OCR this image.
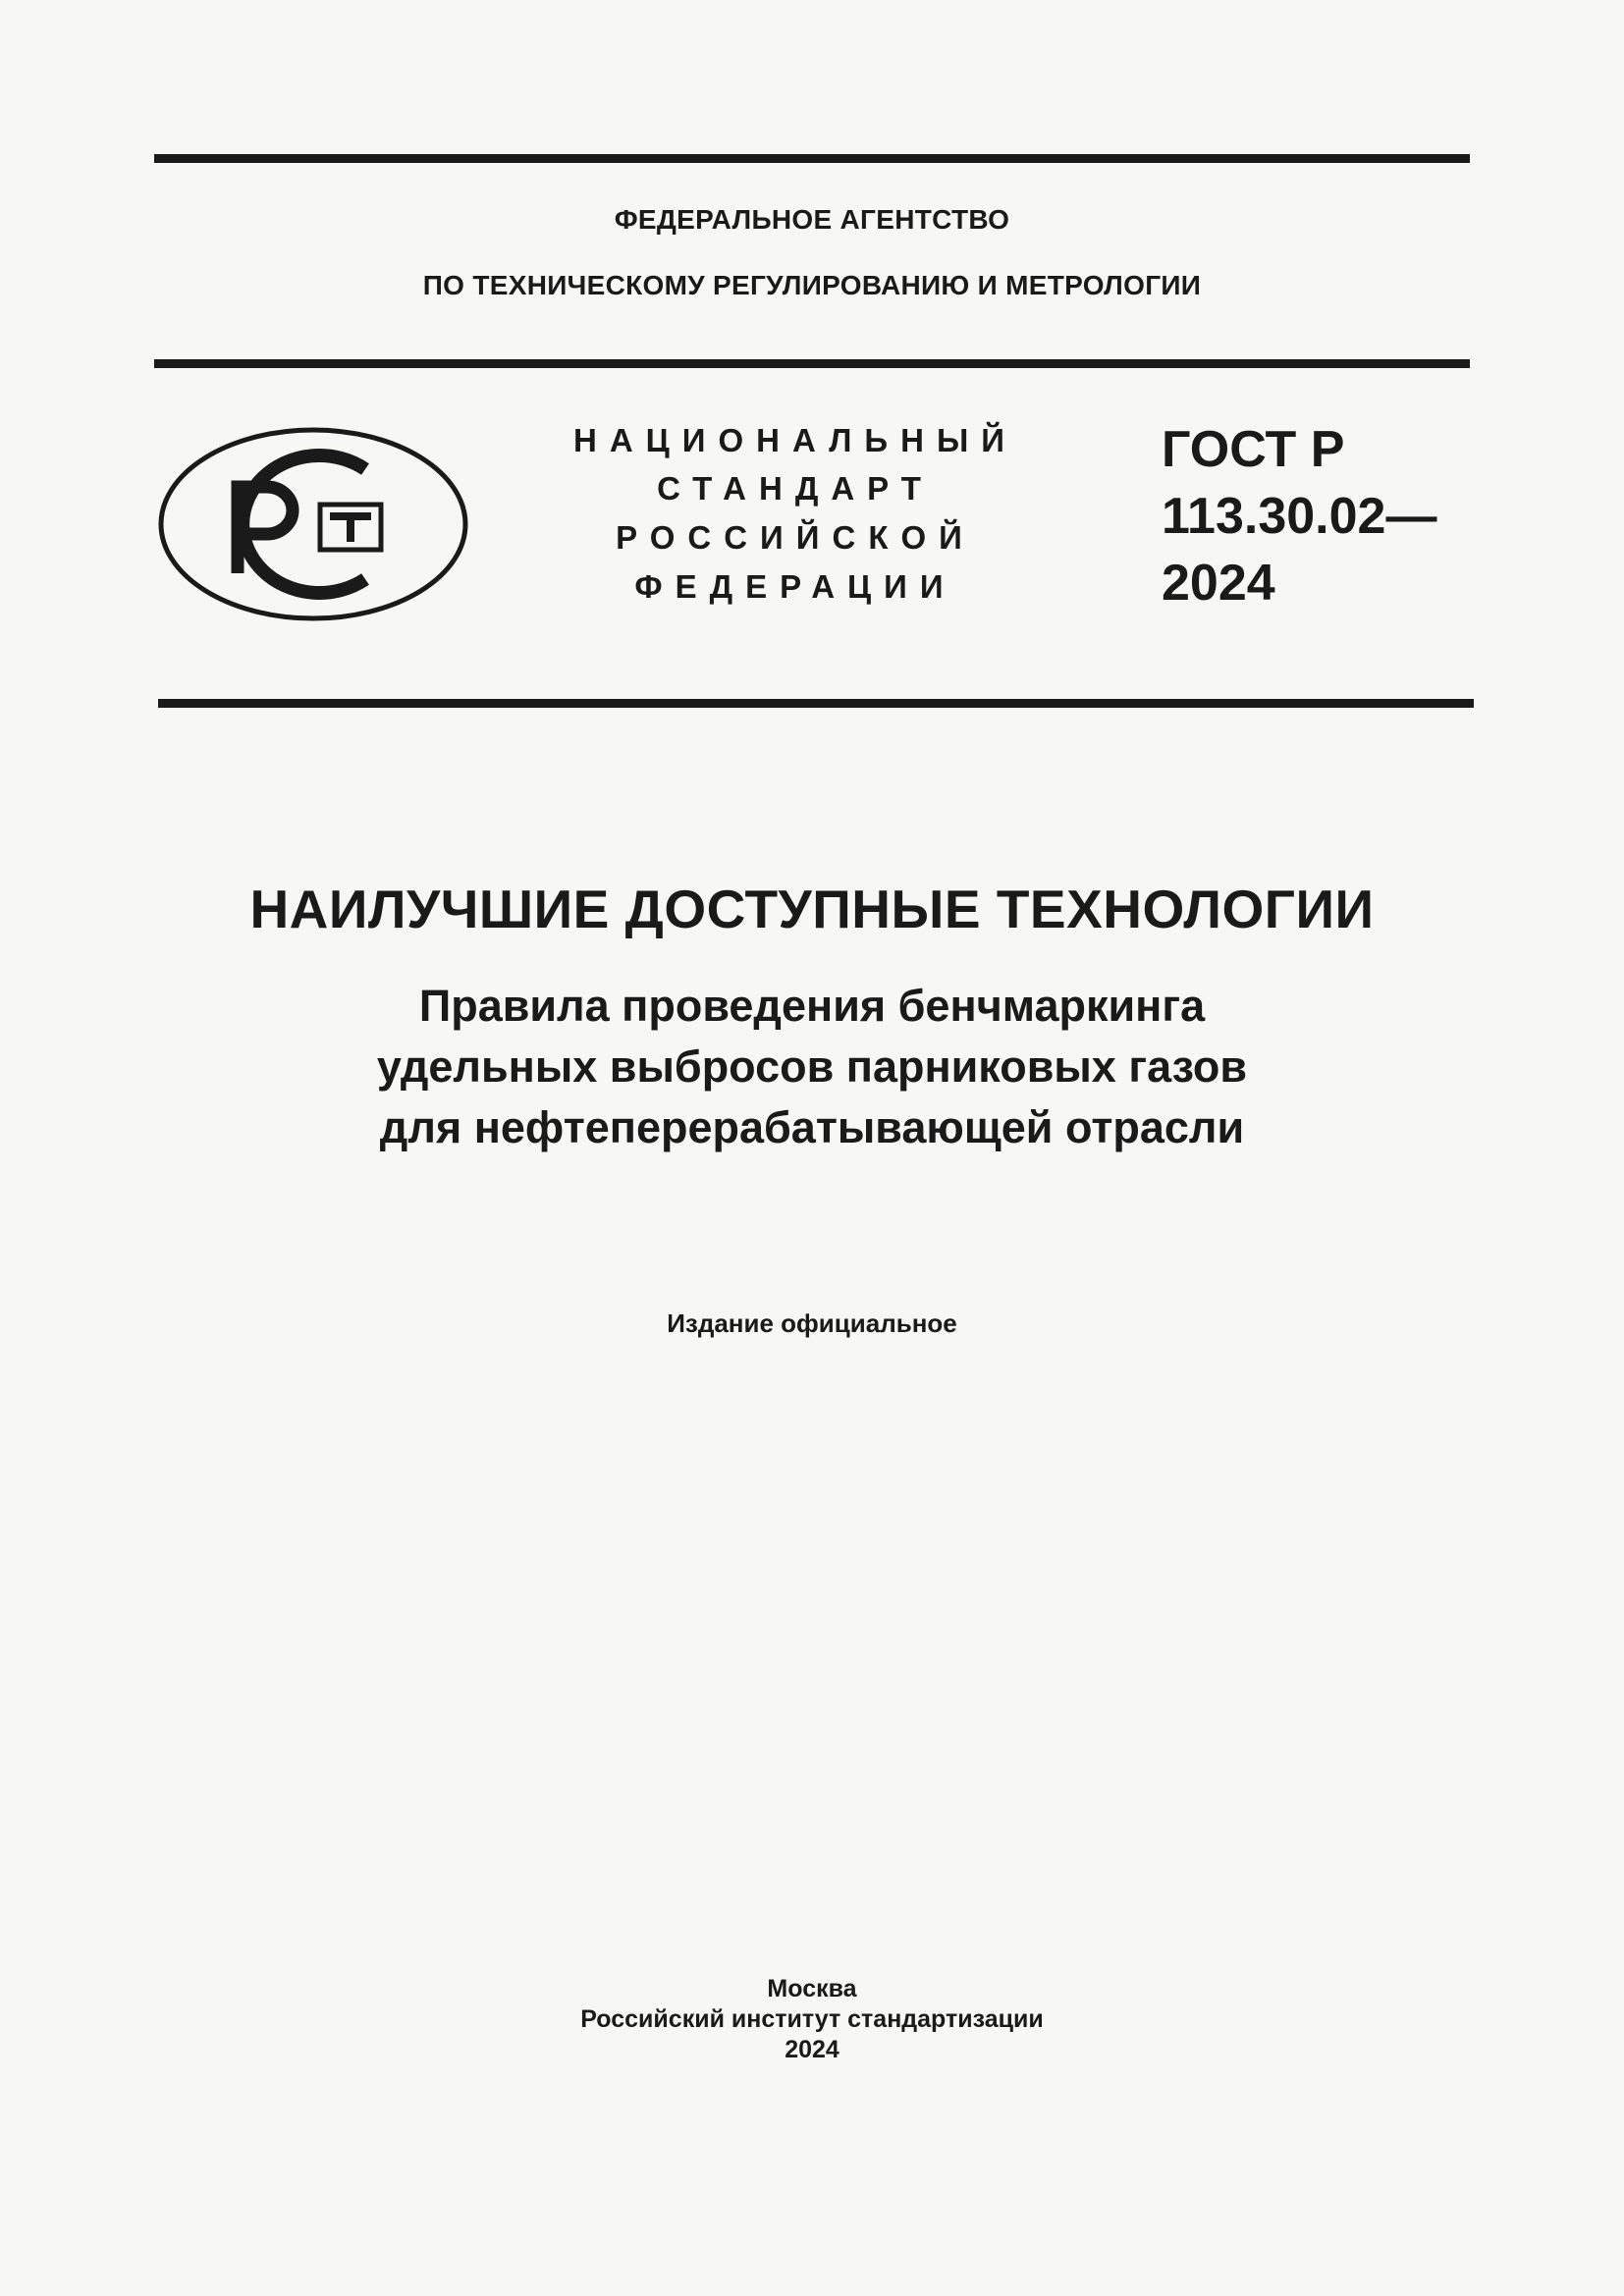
ФЕДЕРАЛЬНОЕ АГЕНТСТВО
ПО ТЕХНИЧЕСКОМУ РЕГУЛИРОВАНИЮ И МЕТРОЛОГИИ
НАЦИОНАЛЬНЫЙ
СТАНДАРТ
РОССИЙСКОЙ
ФЕДЕРАЦИИ
ГОСТ Р
113.30.02—
2024
НАИЛУЧШИЕ ДОСТУПНЫЕ ТЕХНОЛОГИИ
Правила проведения бенчмаркинга
удельных выбросов парниковых газов
для нефтеперерабатывающей отрасли
Издание официальное
Москва
Российский институт стандартизации
2024
